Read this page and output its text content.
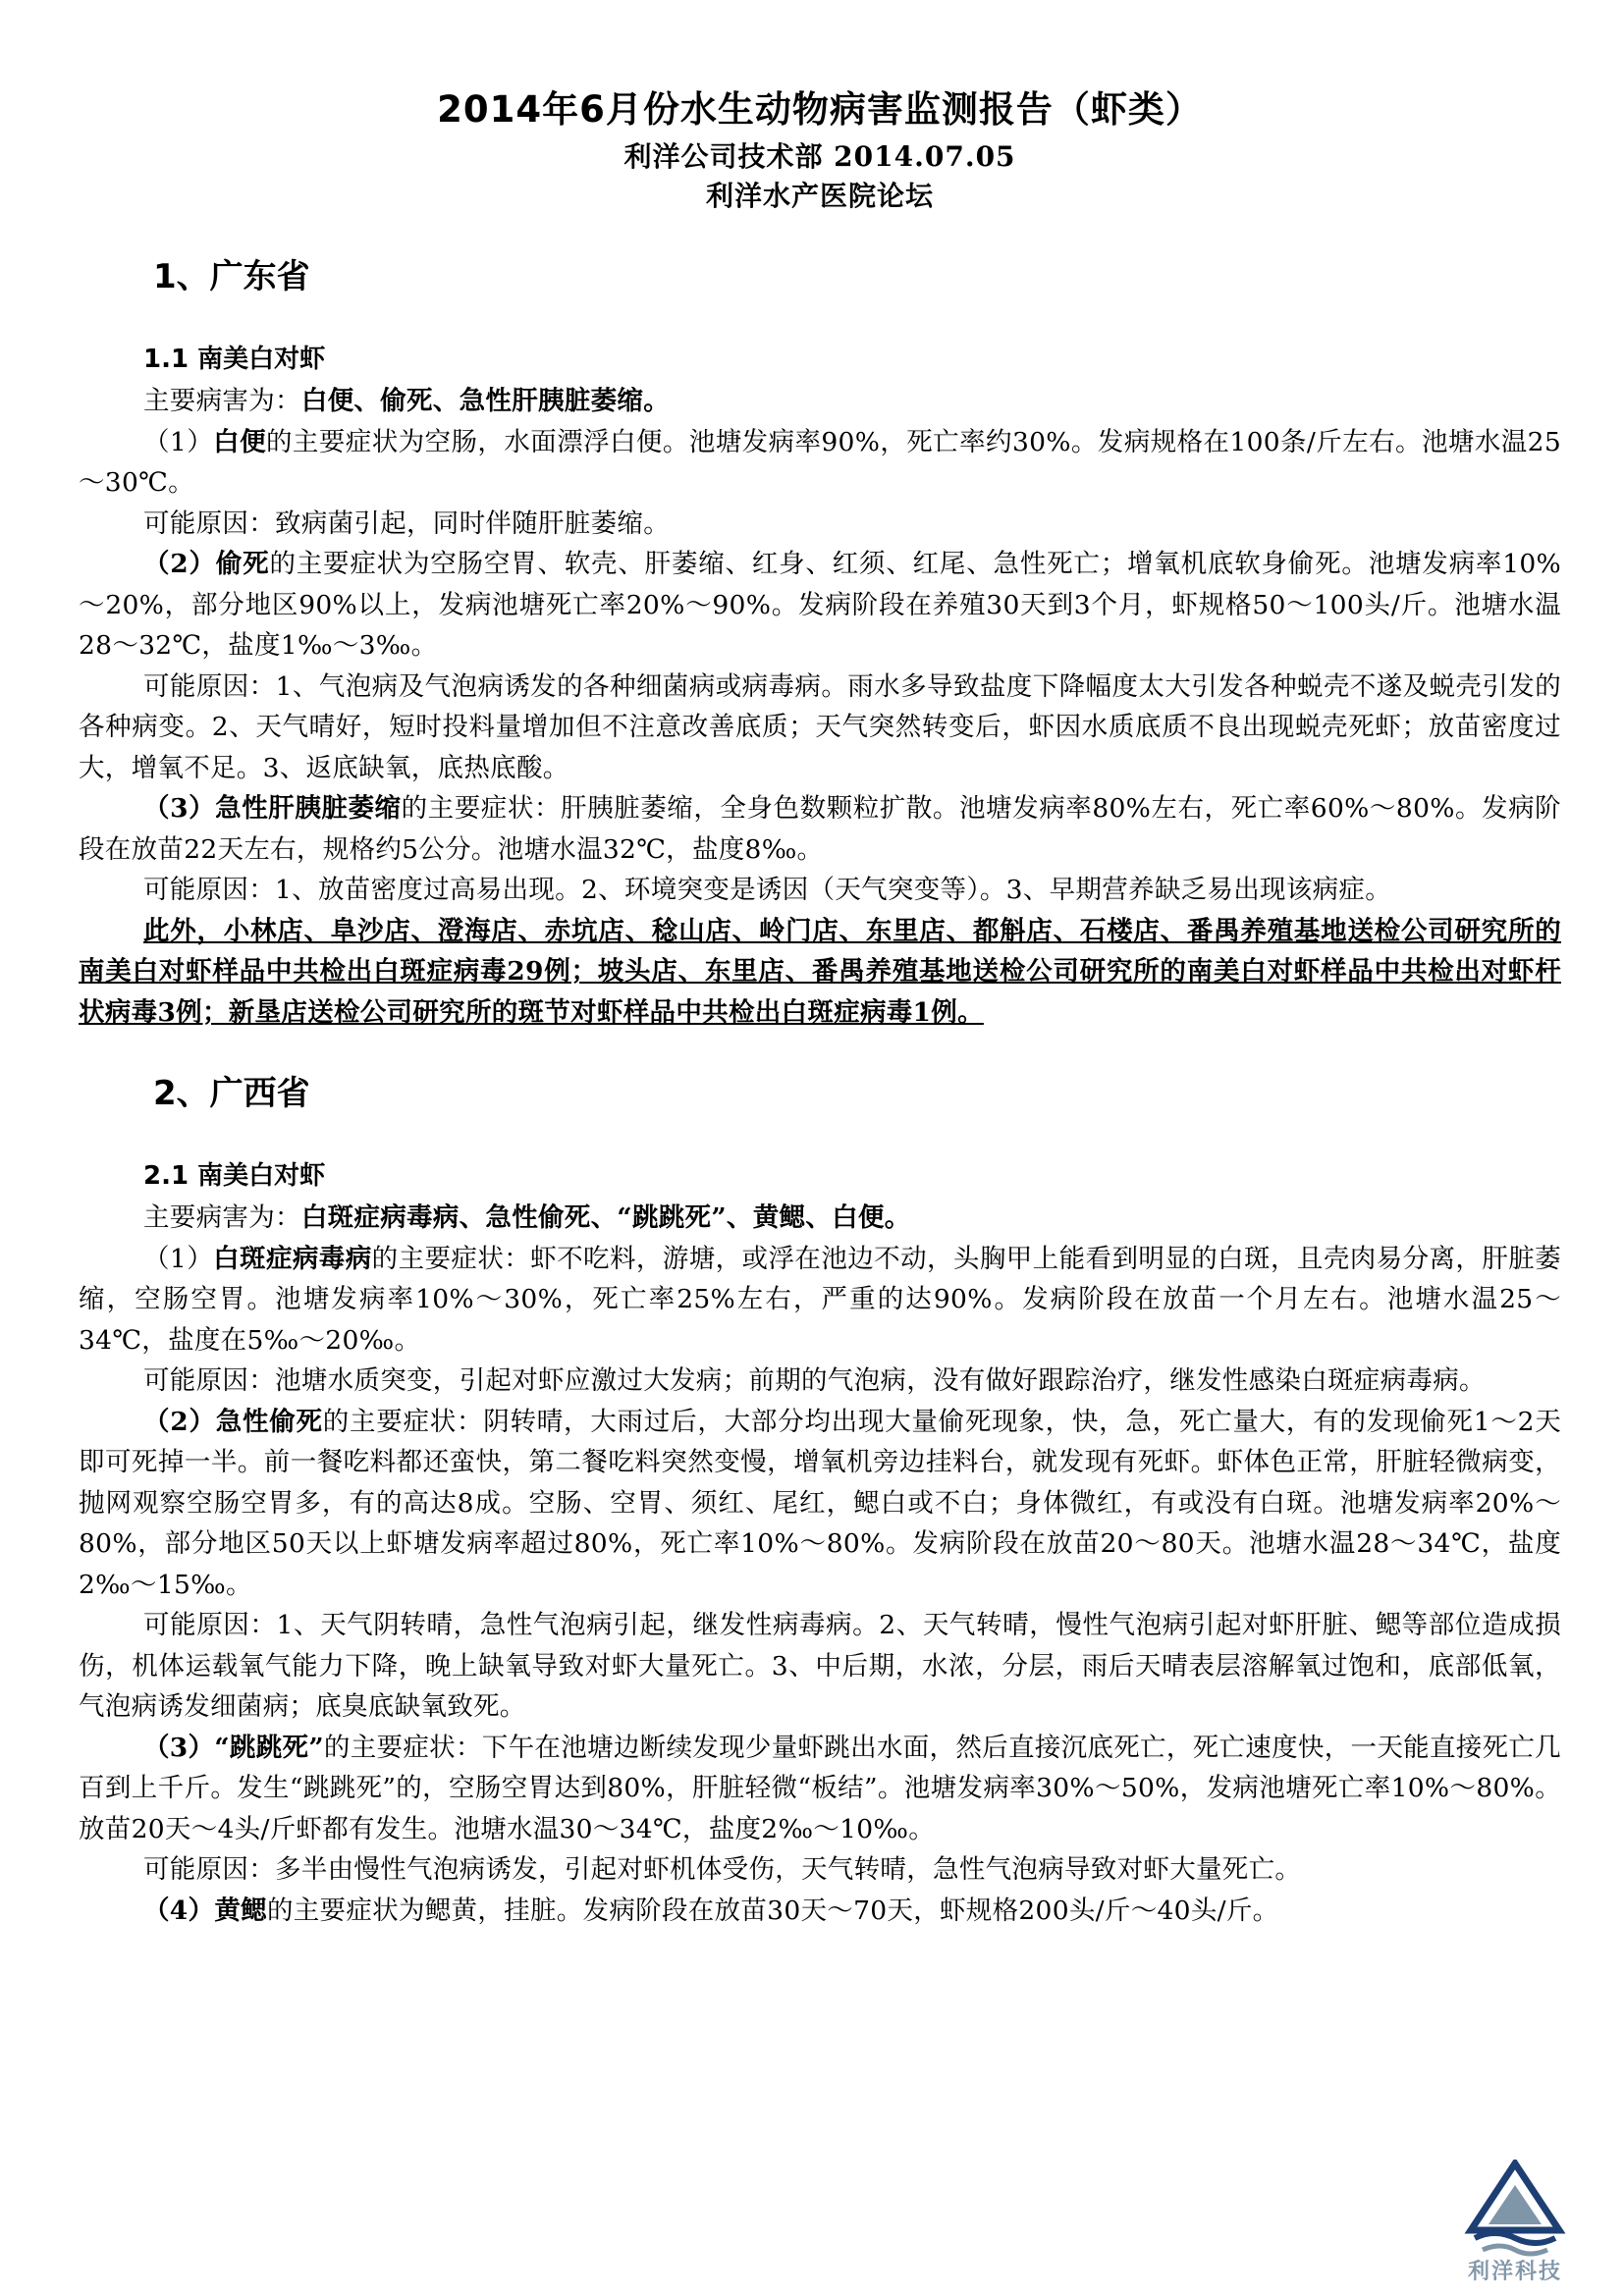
2014年6月份水生动物病害监测报告（虾类）
利洋公司技术部 2014.07.05
利洋水产医院论坛
1、广东省
1.1 南美白对虾

主要病害为：白便、偷死、急性肝胰脏萎缩。

（1）白便的主要症状为空肠，水面漂浮白便。池塘发病率90%，死亡率约30%。发病规格在100条/斤左右。池塘水温25～30℃。

可能原因：致病菌引起，同时伴随肝脏萎缩。

（2）偷死的主要症状为空肠空胃、软壳、肝萎缩、红身、红须、红尾、急性死亡；增氧机底软身偷死。池塘发病率10%～20%，部分地区90%以上，发病池塘死亡率20%～90%。发病阶段在养殖30天到3个月，虾规格50～100头/斤。池塘水温28～32℃，盐度1‰～3‰。

可能原因：1、气泡病及气泡病诱发的各种细菌病或病毒病。雨水多导致盐度下降幅度太大引发各种蜕壳不遂及蜕壳引发的各种病变。2、天气晴好，短时投料量增加但不注意改善底质；天气突然转变后，虾因水质底质不良出现蜕壳死虾；放苗密度过大，增氧不足。3、返底缺氧，底热底酸。

（3）急性肝胰脏萎缩的主要症状：肝胰脏萎缩，全身色数颗粒扩散。池塘发病率80%左右，死亡率60%～80%。发病阶段在放苗22天左右，规格约5公分。池塘水温32℃，盐度8‰。

可能原因：1、放苗密度过高易出现。2、环境突变是诱因（天气突变等）。3、早期营养缺乏易出现该病症。

此外，小林店、阜沙店、澄海店、赤坑店、稔山店、岭门店、东里店、都斛店、石楼店、番禺养殖基地送检公司研究所的南美白对虾样品中共检出白斑症病毒29例；坡头店、东里店、番禺养殖基地送检公司研究所的南美白对虾样品中共检出对虾杆状病毒3例；新垦店送检公司研究所的斑节对虾样品中共检出白斑症病毒1例。

2、广西省
2.1 南美白对虾

主要病害为：白斑症病毒病、急性偷死、“跳跳死”、黄鳃、白便。

（1）白斑症病毒病的主要症状：虾不吃料，游塘，或浮在池边不动，头胸甲上能看到明显的白斑，且壳肉易分离，肝脏萎缩，空肠空胃。池塘发病率10%～30%，死亡率25%左右，严重的达90%。发病阶段在放苗一个月左右。池塘水温25～34℃，盐度在5‰～20‰。

可能原因：池塘水质突变，引起对虾应激过大发病；前期的气泡病，没有做好跟踪治疗，继发性感染白斑症病毒病。

（2）急性偷死的主要症状：阴转晴，大雨过后，大部分均出现大量偷死现象，快，急，死亡量大，有的发现偷死1～2天即可死掉一半。前一餐吃料都还蛮快，第二餐吃料突然变慢，增氧机旁边挂料台，就发现有死虾。虾体色正常，肝脏轻微病变，抛网观察空肠空胃多，有的高达8成。空肠、空胃、须红、尾红，鳃白或不白；身体微红，有或没有白斑。池塘发病率20%～80%，部分地区50天以上虾塘发病率超过80%，死亡率10%～80%。发病阶段在放苗20～80天。池塘水温28～34℃，盐度2‰～15‰。

可能原因：1、天气阴转晴，急性气泡病引起，继发性病毒病。2、天气转晴，慢性气泡病引起对虾肝脏、鳃等部位造成损伤，机体运载氧气能力下降，晚上缺氧导致对虾大量死亡。3、中后期，水浓，分层，雨后天晴表层溶解氧过饱和，底部低氧，气泡病诱发细菌病；底臭底缺氧致死。

（3）“跳跳死”的主要症状：下午在池塘边断续发现少量虾跳出水面，然后直接沉底死亡，死亡速度快，一天能直接死亡几百到上千斤。发生“跳跳死”的，空肠空胃达到80%，肝脏轻微“板结”。池塘发病率30%～50%，发病池塘死亡率10%～80%。放苗20天～4头/斤虾都有发生。池塘水温30～34℃，盐度2‰～10‰。

可能原因：多半由慢性气泡病诱发，引起对虾机体受伤，天气转晴，急性气泡病导致对虾大量死亡。

（4）黄鳃的主要症状为鳃黄，挂脏。发病阶段在放苗30天～70天，虾规格200头/斤～40头/斤。

利洋科技
